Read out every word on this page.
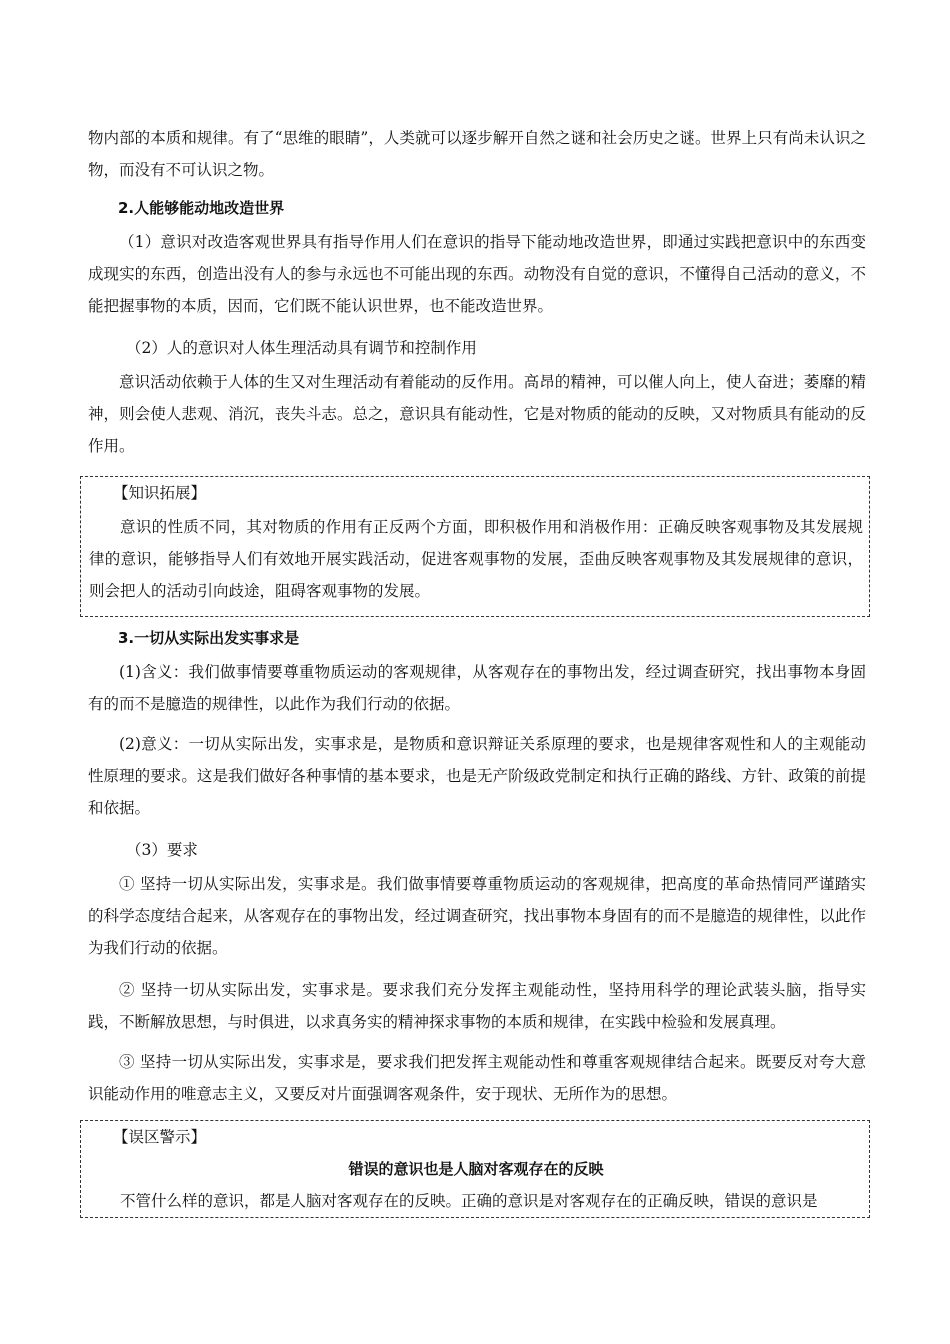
物内部的本质和规律。有了“思维的眼睛”，人类就可以逐步解开自然之谜和社会历史之谜。世界上只有尚未认识之物，而没有不可认识之物。

2.人能够能动地改造世界

（1）意识对改造客观世界具有指导作用人们在意识的指导下能动地改造世界，即通过实践把意识中的东西变成现实的东西，创造出没有人的参与永远也不可能出现的东西。动物没有自觉的意识，不懂得自己活动的意义，不能把握事物的本质，因而，它们既不能认识世界，也不能改造世界。

（2）人的意识对人体生理活动具有调节和控制作用

意识活动依赖于人体的生又对生理活动有着能动的反作用。高昂的精神，可以催人向上，使人奋进；萎靡的精神，则会使人悲观、消沉，丧失斗志。总之，意识具有能动性，它是对物质的能动的反映，又对物质具有能动的反作用。

【知识拓展】

意识的性质不同，其对物质的作用有正反两个方面，即积极作用和消极作用：正确反映客观事物及其发展规律的意识，能够指导人们有效地开展实践活动，促进客观事物的发展，歪曲反映客观事物及其发展规律的意识，则会把人的活动引向歧途，阻碍客观事物的发展。

3.一切从实际出发实事求是

(1)含义：我们做事情要尊重物质运动的客观规律，从客观存在的事物出发，经过调查研究，找出事物本身固有的而不是臆造的规律性，以此作为我们行动的依据。

(2)意义：一切从实际出发，实事求是，是物质和意识辩证关系原理的要求，也是规律客观性和人的主观能动性原理的要求。这是我们做好各种事情的基本要求，也是无产阶级政党制定和执行正确的路线、方针、政策的前提和依据。

（3）要求

① 坚持一切从实际出发，实事求是。我们做事情要尊重物质运动的客观规律，把高度的革命热情同严谨踏实的科学态度结合起来，从客观存在的事物出发，经过调查研究，找出事物本身固有的而不是臆造的规律性，以此作为我们行动的依据。

② 坚持一切从实际出发，实事求是。要求我们充分发挥主观能动性，坚持用科学的理论武装头脑，指导实践，不断解放思想，与时俱进，以求真务实的精神探求事物的本质和规律，在实践中检验和发展真理。

③ 坚持一切从实际出发，实事求是，要求我们把发挥主观能动性和尊重客观规律结合起来。既要反对夸大意识能动作用的唯意志主义，又要反对片面强调客观条件，安于现状、无所作为的思想。

【误区警示】

错误的意识也是人脑对客观存在的反映

不管什么样的意识，都是人脑对客观存在的反映。正确的意识是对客观存在的正确反映，错误的意识是
